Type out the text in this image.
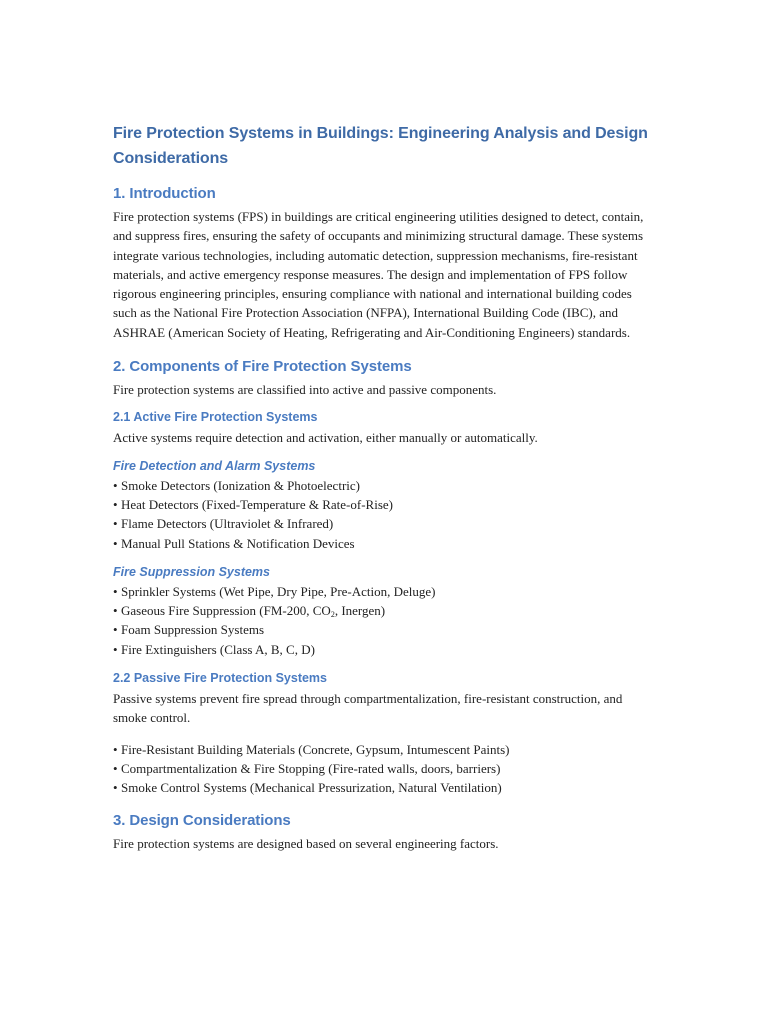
Fire Protection Systems in Buildings: Engineering Analysis and Design Considerations
1. Introduction

Fire protection systems (FPS) in buildings are critical engineering utilities designed to detect, contain, and suppress fires, ensuring the safety of occupants and minimizing structural damage. These systems integrate various technologies, including automatic detection, suppression mechanisms, fire-resistant materials, and active emergency response measures. The design and implementation of FPS follow rigorous engineering principles, ensuring compliance with national and international building codes such as the National Fire Protection Association (NFPA), International Building Code (IBC), and ASHRAE (American Society of Heating, Refrigerating and Air-Conditioning Engineers) standards.

2. Components of Fire Protection Systems

Fire protection systems are classified into active and passive components.

2.1 Active Fire Protection Systems

Active systems require detection and activation, either manually or automatically.

Fire Detection and Alarm Systems
• Smoke Detectors (Ionization & Photoelectric)
• Heat Detectors (Fixed-Temperature & Rate-of-Rise)
• Flame Detectors (Ultraviolet & Infrared)
• Manual Pull Stations & Notification Devices
Fire Suppression Systems
• Sprinkler Systems (Wet Pipe, Dry Pipe, Pre-Action, Deluge)
• Gaseous Fire Suppression (FM-200, $CO_2$, Inergen)
• Foam Suppression Systems
• Fire Extinguishers (Class A, B, C, D)
2.2 Passive Fire Protection Systems

Passive systems prevent fire spread through compartmentalization, fire-resistant construction, and smoke control.

• Fire-Resistant Building Materials (Concrete, Gypsum, Intumescent Paints)
• Compartmentalization & Fire Stopping (Fire-rated walls, doors, barriers)
• Smoke Control Systems (Mechanical Pressurization, Natural Ventilation)
3. Design Considerations

Fire protection systems are designed based on several engineering factors.
